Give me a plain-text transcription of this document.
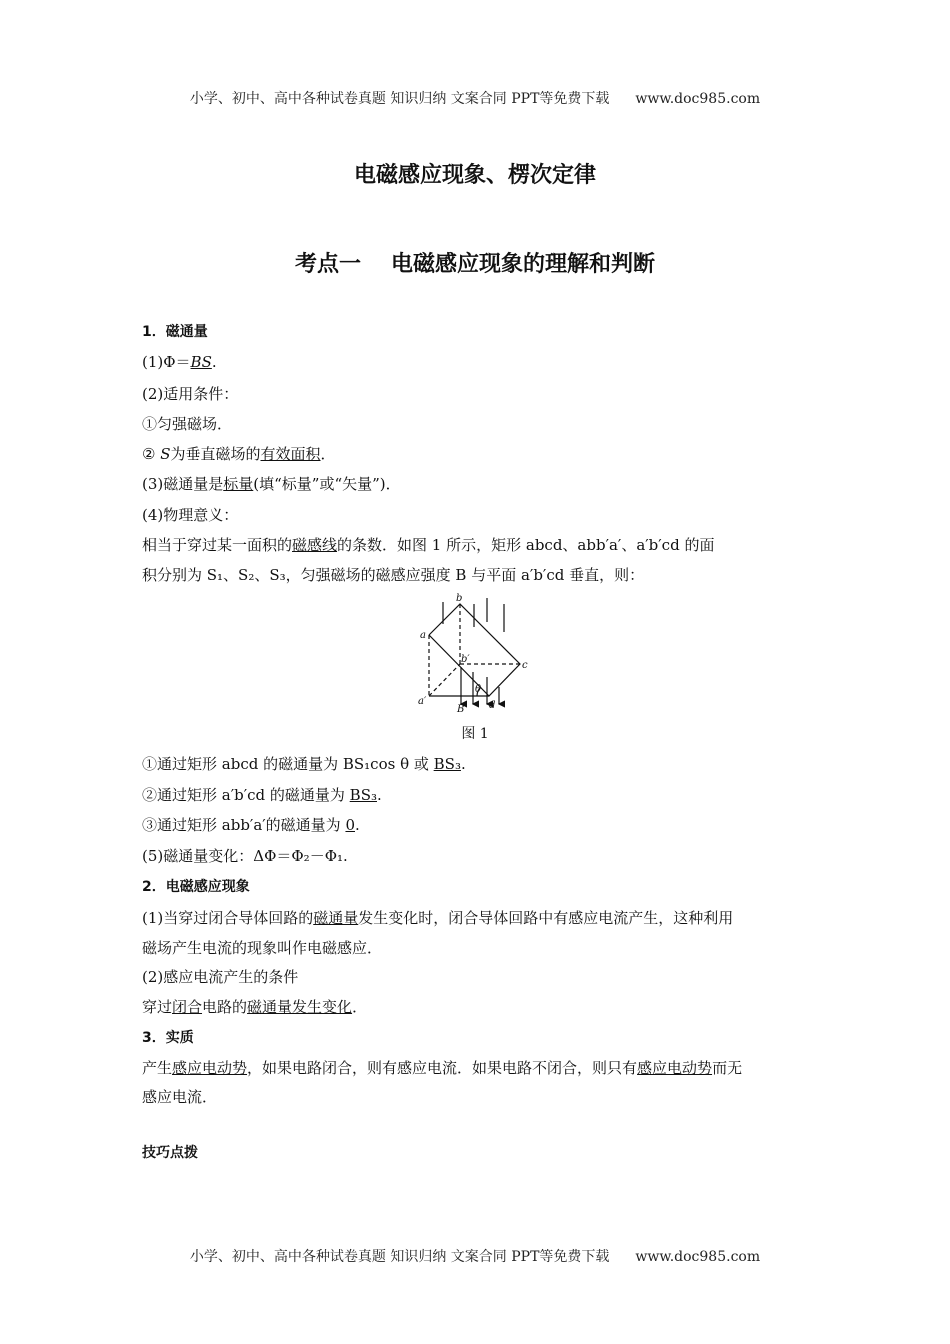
小学、初中、高中各种试卷真题 知识归纳 文案合同 PPT等免费下载 www.doc985.com
电磁感应现象、楞次定律
考点一 电磁感应现象的理解和判断
1．磁通量
(1)Φ＝BS.
(2)适用条件：
①匀强磁场．
② S为垂直磁场的有效面积．
(3)磁通量是标量(填“标量”或“矢量”)．
(4)物理意义：
相当于穿过某一面积的磁感线的条数．如图 1 所示，矩形 abcd、abb′a′、a′b′cd 的面
积分别为 S₁、S₂、S₃，匀强磁场的磁感应强度 B 与平面 a′b′cd 垂直，则：
①通过矩形 abcd 的磁通量为 BS₁cos θ 或 BS₃.
②通过矩形 a′b′cd 的磁通量为 BS₃.
③通过矩形 abb′a′的磁通量为 0.
(5)磁通量变化：ΔΦ＝Φ₂－Φ₁.
2．电磁感应现象
(1)当穿过闭合导体回路的磁通量发生变化时，闭合导体回路中有感应电流产生，这种利用
磁场产生电流的现象叫作电磁感应．
(2)感应电流产生的条件
穿过闭合电路的磁通量发生变化．
3．实质
产生感应电动势，如果电路闭合，则有感应电流．如果电路不闭合，则只有感应电动势而无
感应电流．
技巧点拨
a
b
c
d
a′
b′
θ
B
图 1
小学、初中、高中各种试卷真题 知识归纳 文案合同 PPT等免费下载 www.doc985.com
